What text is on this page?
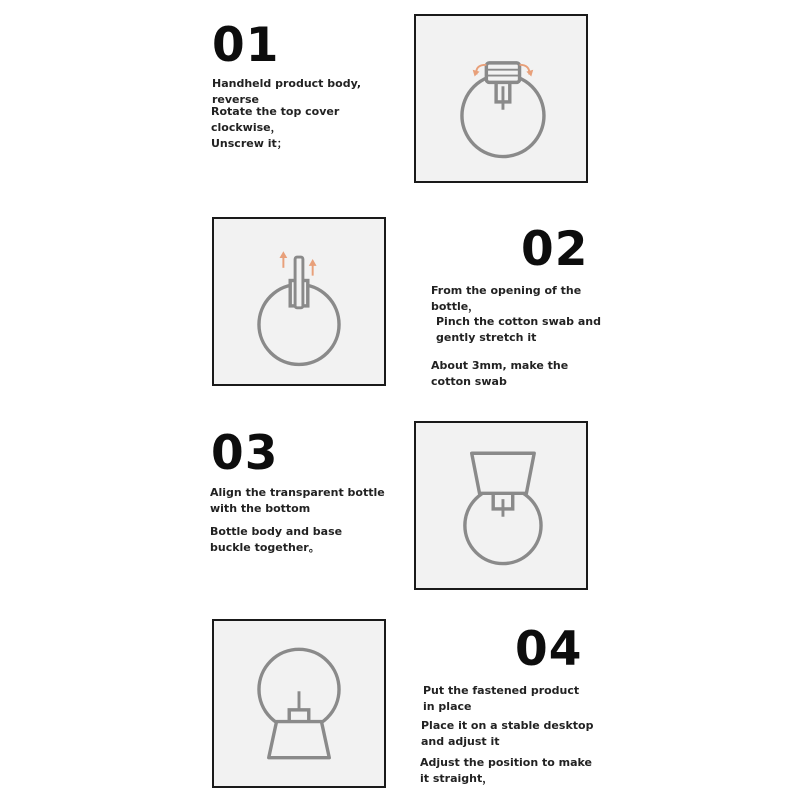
01
Handheld product body, reverse
Rotate the top cover clockwise，
Unscrew it；
02
From the opening of the bottle，
Pinch the cotton swab and gently stretch it
About 3mm, make the cotton swab
03
Align the transparent bottle with the bottom
Bottle body and base buckle together。
04
Put the fastened product in place
Place it on a stable desktop and adjust it
Adjust the position to make it straight，
